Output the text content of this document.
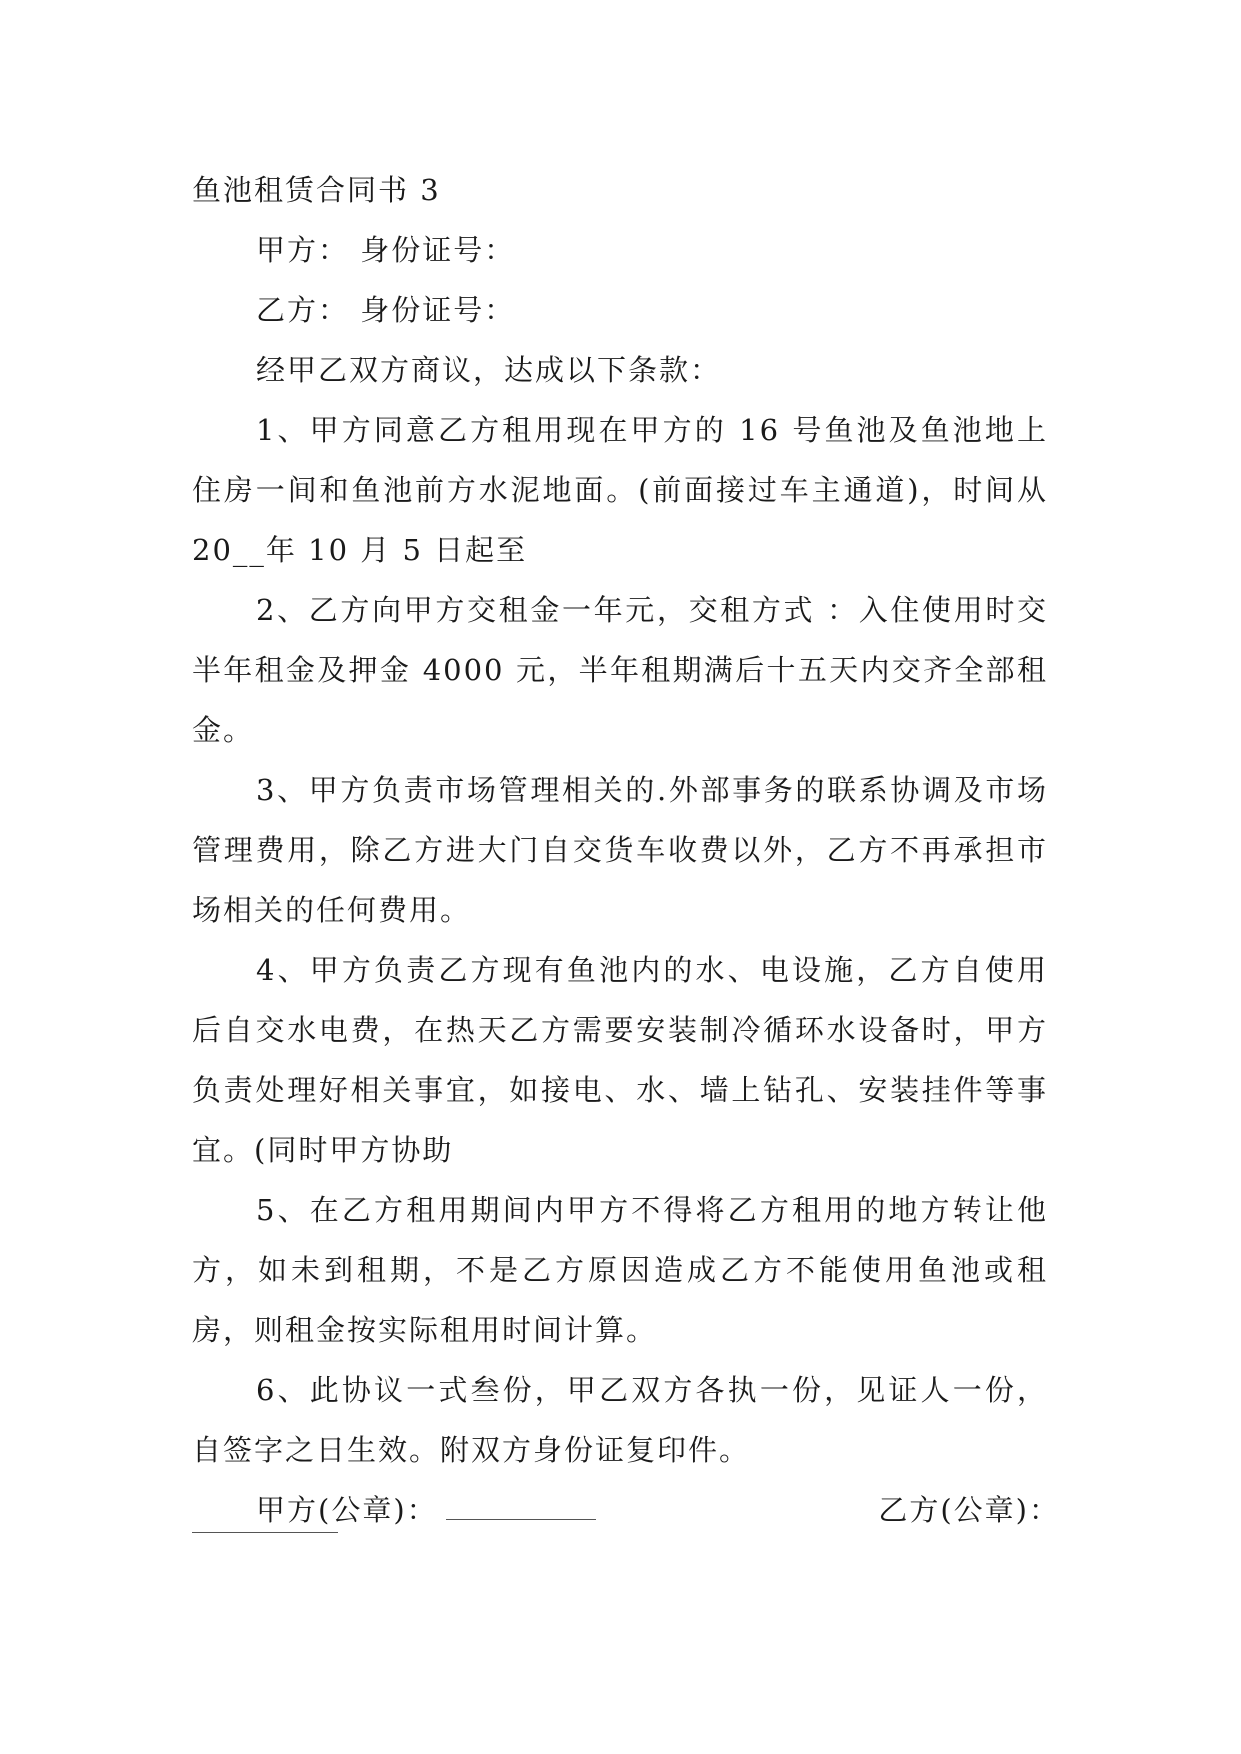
鱼池租赁合同书 3

甲方： 身份证号：

乙方： 身份证号：

经甲乙双方商议，达成以下条款：

1、甲方同意乙方租用现在甲方的 16 号鱼池及鱼池地上住房一间和鱼池前方水泥地面。(前面接过车主通道)，时间从 20__年 10 月 5 日起至

2、乙方向甲方交租金一年元，交租方式 ：入住使用时交半年租金及押金 4000 元，半年租期满后十五天内交齐全部租金。

3、甲方负责市场管理相关的.外部事务的联系协调及市场管理费用，除乙方进大门自交货车收费以外，乙方不再承担市场相关的任何费用。

4、甲方负责乙方现有鱼池内的水、电设施，乙方自使用后自交水电费，在热天乙方需要安装制冷循环水设备时，甲方负责处理好相关事宜，如接电、水、墙上钻孔、安装挂件等事宜。(同时甲方协助

5、在乙方租用期间内甲方不得将乙方租用的地方转让他方，如未到租期，不是乙方原因造成乙方不能使用鱼池或租房，则租金按实际租用时间计算。

6、此协议一式叁份，甲乙双方各执一份，见证人一份，自签字之日生效。附双方身份证复印件。

甲方(公章)：	乙方(公章)：
